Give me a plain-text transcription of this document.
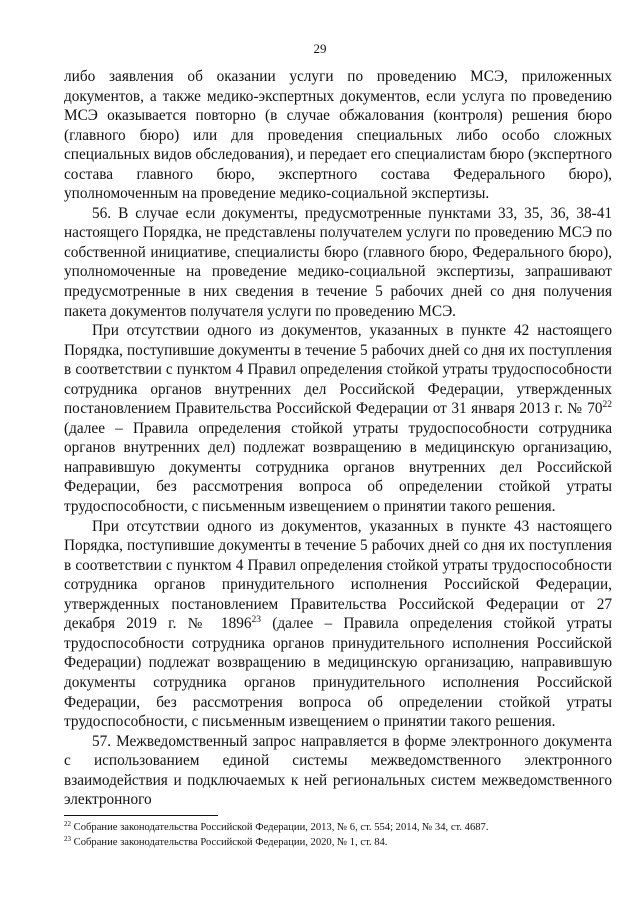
29

либо заявления об оказании услуги по проведению МСЭ, приложенных документов, а также медико-экспертных документов, если услуга по проведению МСЭ оказывается повторно (в случае обжалования (контроля) решения бюро (главного бюро) или для проведения специальных либо особо сложных специальных видов обследования), и передает его специалистам бюро (экспертного состава главного бюро, экспертного состава Федерального бюро), уполномоченным на проведение медико-социальной экспертизы.

56. В случае если документы, предусмотренные пунктами 33, 35, 36, 38-41 настоящего Порядка, не представлены получателем услуги по проведению МСЭ по собственной инициативе, специалисты бюро (главного бюро, Федерального бюро), уполномоченные на проведение медико-социальной экспертизы, запрашивают предусмотренные в них сведения в течение 5 рабочих дней со дня получения пакета документов получателя услуги по проведению МСЭ.

При отсутствии одного из документов, указанных в пункте 42 настоящего Порядка, поступившие документы в течение 5 рабочих дней со дня их поступления в соответствии с пунктом 4 Правил определения стойкой утраты трудоспособности сотрудника органов внутренних дел Российской Федерации, утвержденных постановлением Правительства Российской Федерации от 31 января 2013 г. № $70^{22}$ (далее – Правила определения стойкой утраты трудоспособности сотрудника органов внутренних дел) подлежат возвращению в медицинскую организацию, направившую документы сотрудника органов внутренних дел Российской Федерации, без рассмотрения вопроса об определении стойкой утраты трудоспособности, с письменным извещением о принятии такого решения.

При отсутствии одного из документов, указанных в пункте 43 настоящего Порядка, поступившие документы в течение 5 рабочих дней со дня их поступления в соответствии с пунктом 4 Правил определения стойкой утраты трудоспособности сотрудника органов принудительного исполнения Российской Федерации, утвержденных постановлением Правительства Российской Федерации от 27 декабря 2019 г. № 1896$^{23}$ (далее – Правила определения стойкой утраты трудоспособности сотрудника органов принудительного исполнения Российской Федерации) подлежат возвращению в медицинскую организацию, направившую документы сотрудника органов принудительного исполнения Российской Федерации, без рассмотрения вопроса об определении стойкой утраты трудоспособности, с письменным извещением о принятии такого решения.

57. Межведомственный запрос направляется в форме электронного документа с использованием единой системы межведомственного электронного взаимодействия и подключаемых к ней региональных систем межведомственного электронного

$^{22}$ Собрание законодательства Российской Федерации, 2013, № 6, ст. 554; 2014, № 34, ст. 4687.

$^{23}$ Собрание законодательства Российской Федерации, 2020, № 1, ст. 84.
